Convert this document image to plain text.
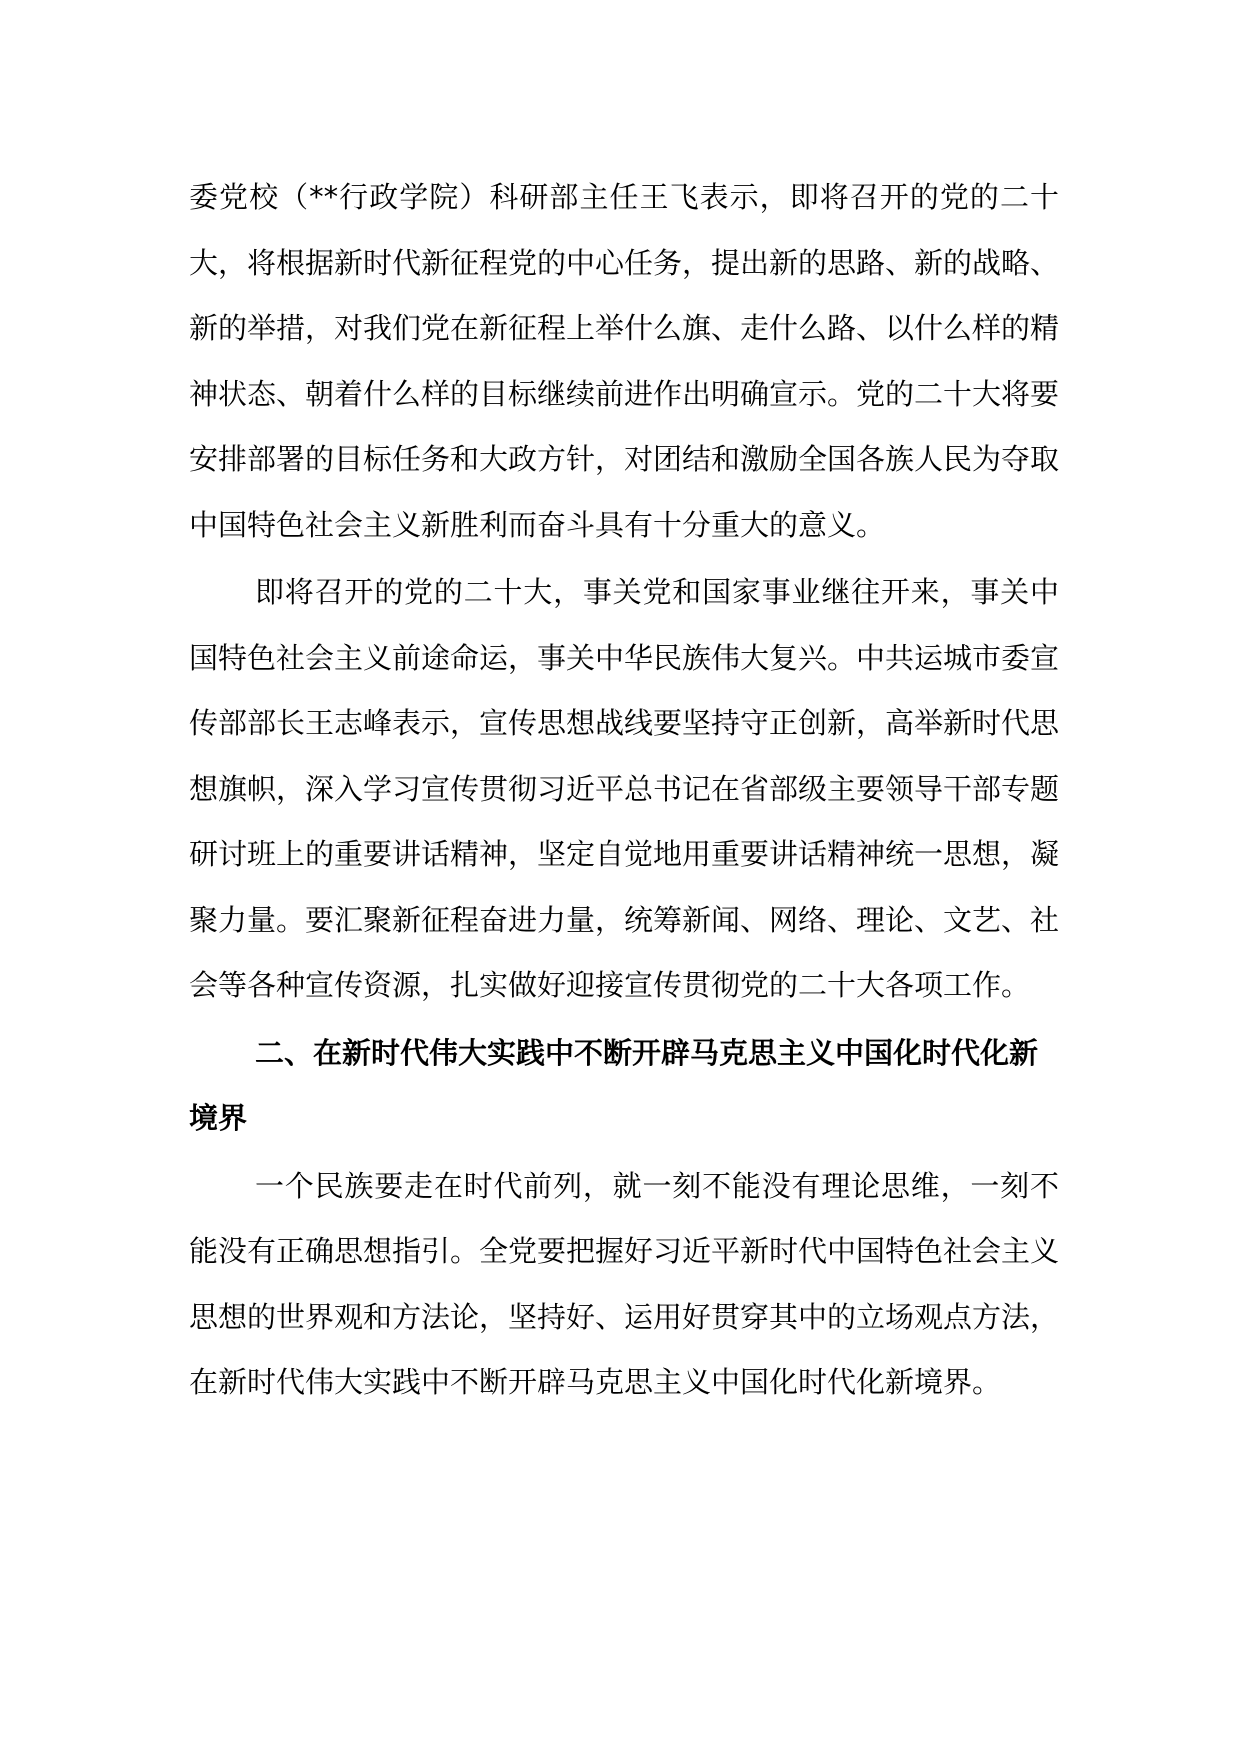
委党校（**行政学院）科研部主任王飞表示，即将召开的党的二十大，将根据新时代新征程党的中心任务，提出新的思路、新的战略、新的举措，对我们党在新征程上举什么旗、走什么路、以什么样的精神状态、朝着什么样的目标继续前进作出明确宣示。党的二十大将要安排部署的目标任务和大政方针，对团结和激励全国各族人民为夺取中国特色社会主义新胜利而奋斗具有十分重大的意义。

即将召开的党的二十大，事关党和国家事业继往开来，事关中国特色社会主义前途命运，事关中华民族伟大复兴。中共运城市委宣传部部长王志峰表示，宣传思想战线要坚持守正创新，高举新时代思想旗帜，深入学习宣传贯彻习近平总书记在省部级主要领导干部专题研讨班上的重要讲话精神，坚定自觉地用重要讲话精神统一思想，凝聚力量。要汇聚新征程奋进力量，统筹新闻、网络、理论、文艺、社会等各种宣传资源，扎实做好迎接宣传贯彻党的二十大各项工作。

二、在新时代伟大实践中不断开辟马克思主义中国化时代化新境界

一个民族要走在时代前列，就一刻不能没有理论思维，一刻不能没有正确思想指引。全党要把握好习近平新时代中国特色社会主义思想的世界观和方法论，坚持好、运用好贯穿其中的立场观点方法，在新时代伟大实践中不断开辟马克思主义中国化时代化新境界。
